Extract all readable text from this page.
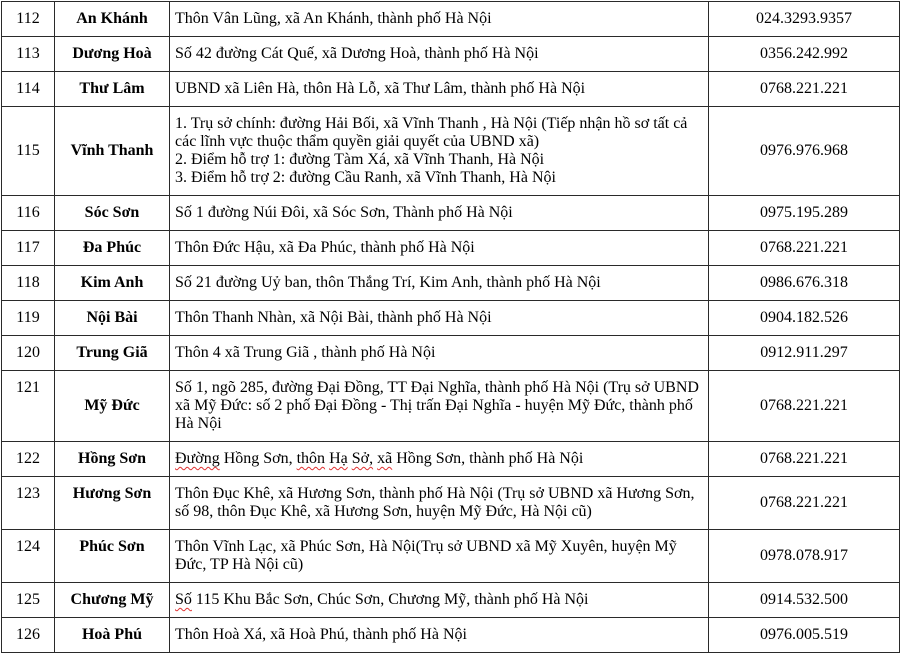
112	An Khánh	Thôn Vân Lũng, xã An Khánh, thành phố Hà Nội	024.3293.9357
113	Dương Hoà	Số 42 đường Cát Quế, xã Dương Hoà, thành phố Hà Nội	0356.242.992
114	Thư Lâm	UBND xã Liên Hà, thôn Hà Lỗ, xã Thư Lâm, thành phố Hà Nội	0768.221.221
115	Vĩnh Thanh	1. Trụ sở chính: đường Hải Bối, xã Vĩnh Thanh , Hà Nội (Tiếp nhận hồ sơ tất cả các lĩnh vực thuộc thẩm quyền giải quyết của UBND xã)
2. Điểm hỗ trợ 1: đường Tàm Xá, xã Vĩnh Thanh, Hà Nội
3. Điểm hỗ trợ 2: đường Cầu Ranh, xã Vĩnh Thanh, Hà Nội	0976.976.968
116	Sóc Sơn	Số 1 đường Núi Đôi, xã Sóc Sơn, Thành phố Hà Nội	0975.195.289
117	Đa Phúc	Thôn Đức Hậu, xã Đa Phúc, thành phố Hà Nội	0768.221.221
118	Kim Anh	Số 21 đường Uỷ ban, thôn Thắng Trí, Kim Anh, thành phố Hà Nội	0986.676.318
119	Nội Bài	Thôn Thanh Nhàn, xã Nội Bài, thành phố Hà Nội	0904.182.526
120	Trung Giã	Thôn 4 xã Trung Giã , thành phố Hà Nội	0912.911.297
121	Mỹ Đức	Số 1, ngõ 285, đường Đại Đồng, TT Đại Nghĩa, thành phố Hà Nội (Trụ sở UBND xã Mỹ Đức: số 2 phố Đại Đồng - Thị trấn Đại Nghĩa - huyện Mỹ Đức, thành phố Hà Nội	0768.221.221
122	Hồng Sơn	Đường Hồng Sơn, thôn Hạ Sở, xã Hồng Sơn, thành phố Hà Nội	0768.221.221
123	Hương Sơn	Thôn Đục Khê, xã Hương Sơn, thành phố Hà Nội (Trụ sở UBND xã Hương Sơn, số 98, thôn Đục Khê, xã Hương Sơn, huyện Mỹ Đức, Hà Nội cũ)	0768.221.221
124	Phúc Sơn	Thôn Vĩnh Lạc, xã Phúc Sơn, Hà Nội(Trụ sở UBND xã Mỹ Xuyên, huyện Mỹ Đức, TP Hà Nội cũ)	0978.078.917
125	Chương Mỹ	Số 115 Khu Bắc Sơn, Chúc Sơn, Chương Mỹ, thành phố Hà Nội	0914.532.500
126	Hoà Phú	Thôn Hoà Xá, xã Hoà Phú, thành phố Hà Nội	0976.005.519
